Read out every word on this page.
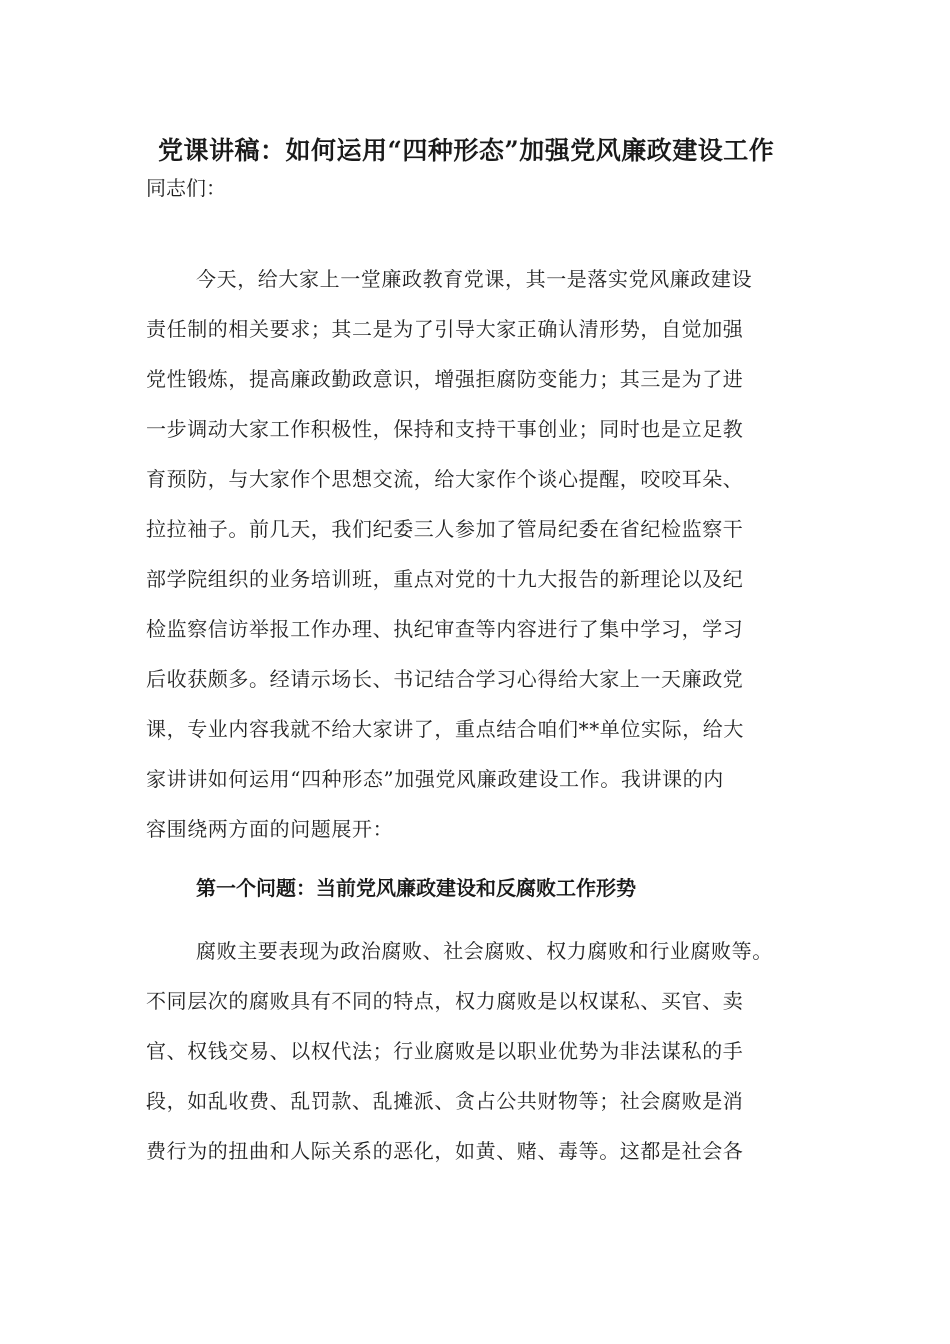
党课讲稿：如何运用“四种形态”加强党风廉政建设工作
同志们：
今天，给大家上一堂廉政教育党课，其一是落实党风廉政建设
责任制的相关要求；其二是为了引导大家正确认清形势，自觉加强
党性锻炼，提高廉政勤政意识，增强拒腐防变能力；其三是为了进
一步调动大家工作积极性，保持和支持干事创业；同时也是立足教
育预防，与大家作个思想交流，给大家作个谈心提醒，咬咬耳朵、
拉拉袖子。前几天，我们纪委三人参加了管局纪委在省纪检监察干
部学院组织的业务培训班，重点对党的十九大报告的新理论以及纪
检监察信访举报工作办理、执纪审查等内容进行了集中学习，学习
后收获颇多。经请示场长、书记结合学习心得给大家上一天廉政党
课，专业内容我就不给大家讲了，重点结合咱们**单位实际，给大
家讲讲如何运用“四种形态”加强党风廉政建设工作。我讲课的内
容围绕两方面的问题展开：
第一个问题：当前党风廉政建设和反腐败工作形势
腐败主要表现为政治腐败、社会腐败、权力腐败和行业腐败等。
不同层次的腐败具有不同的特点，权力腐败是以权谋私、买官、卖
官、权钱交易、以权代法；行业腐败是以职业优势为非法谋私的手
段，如乱收费、乱罚款、乱摊派、贪占公共财物等；社会腐败是消
费行为的扭曲和人际关系的恶化，如黄、赌、毒等。这都是社会各
